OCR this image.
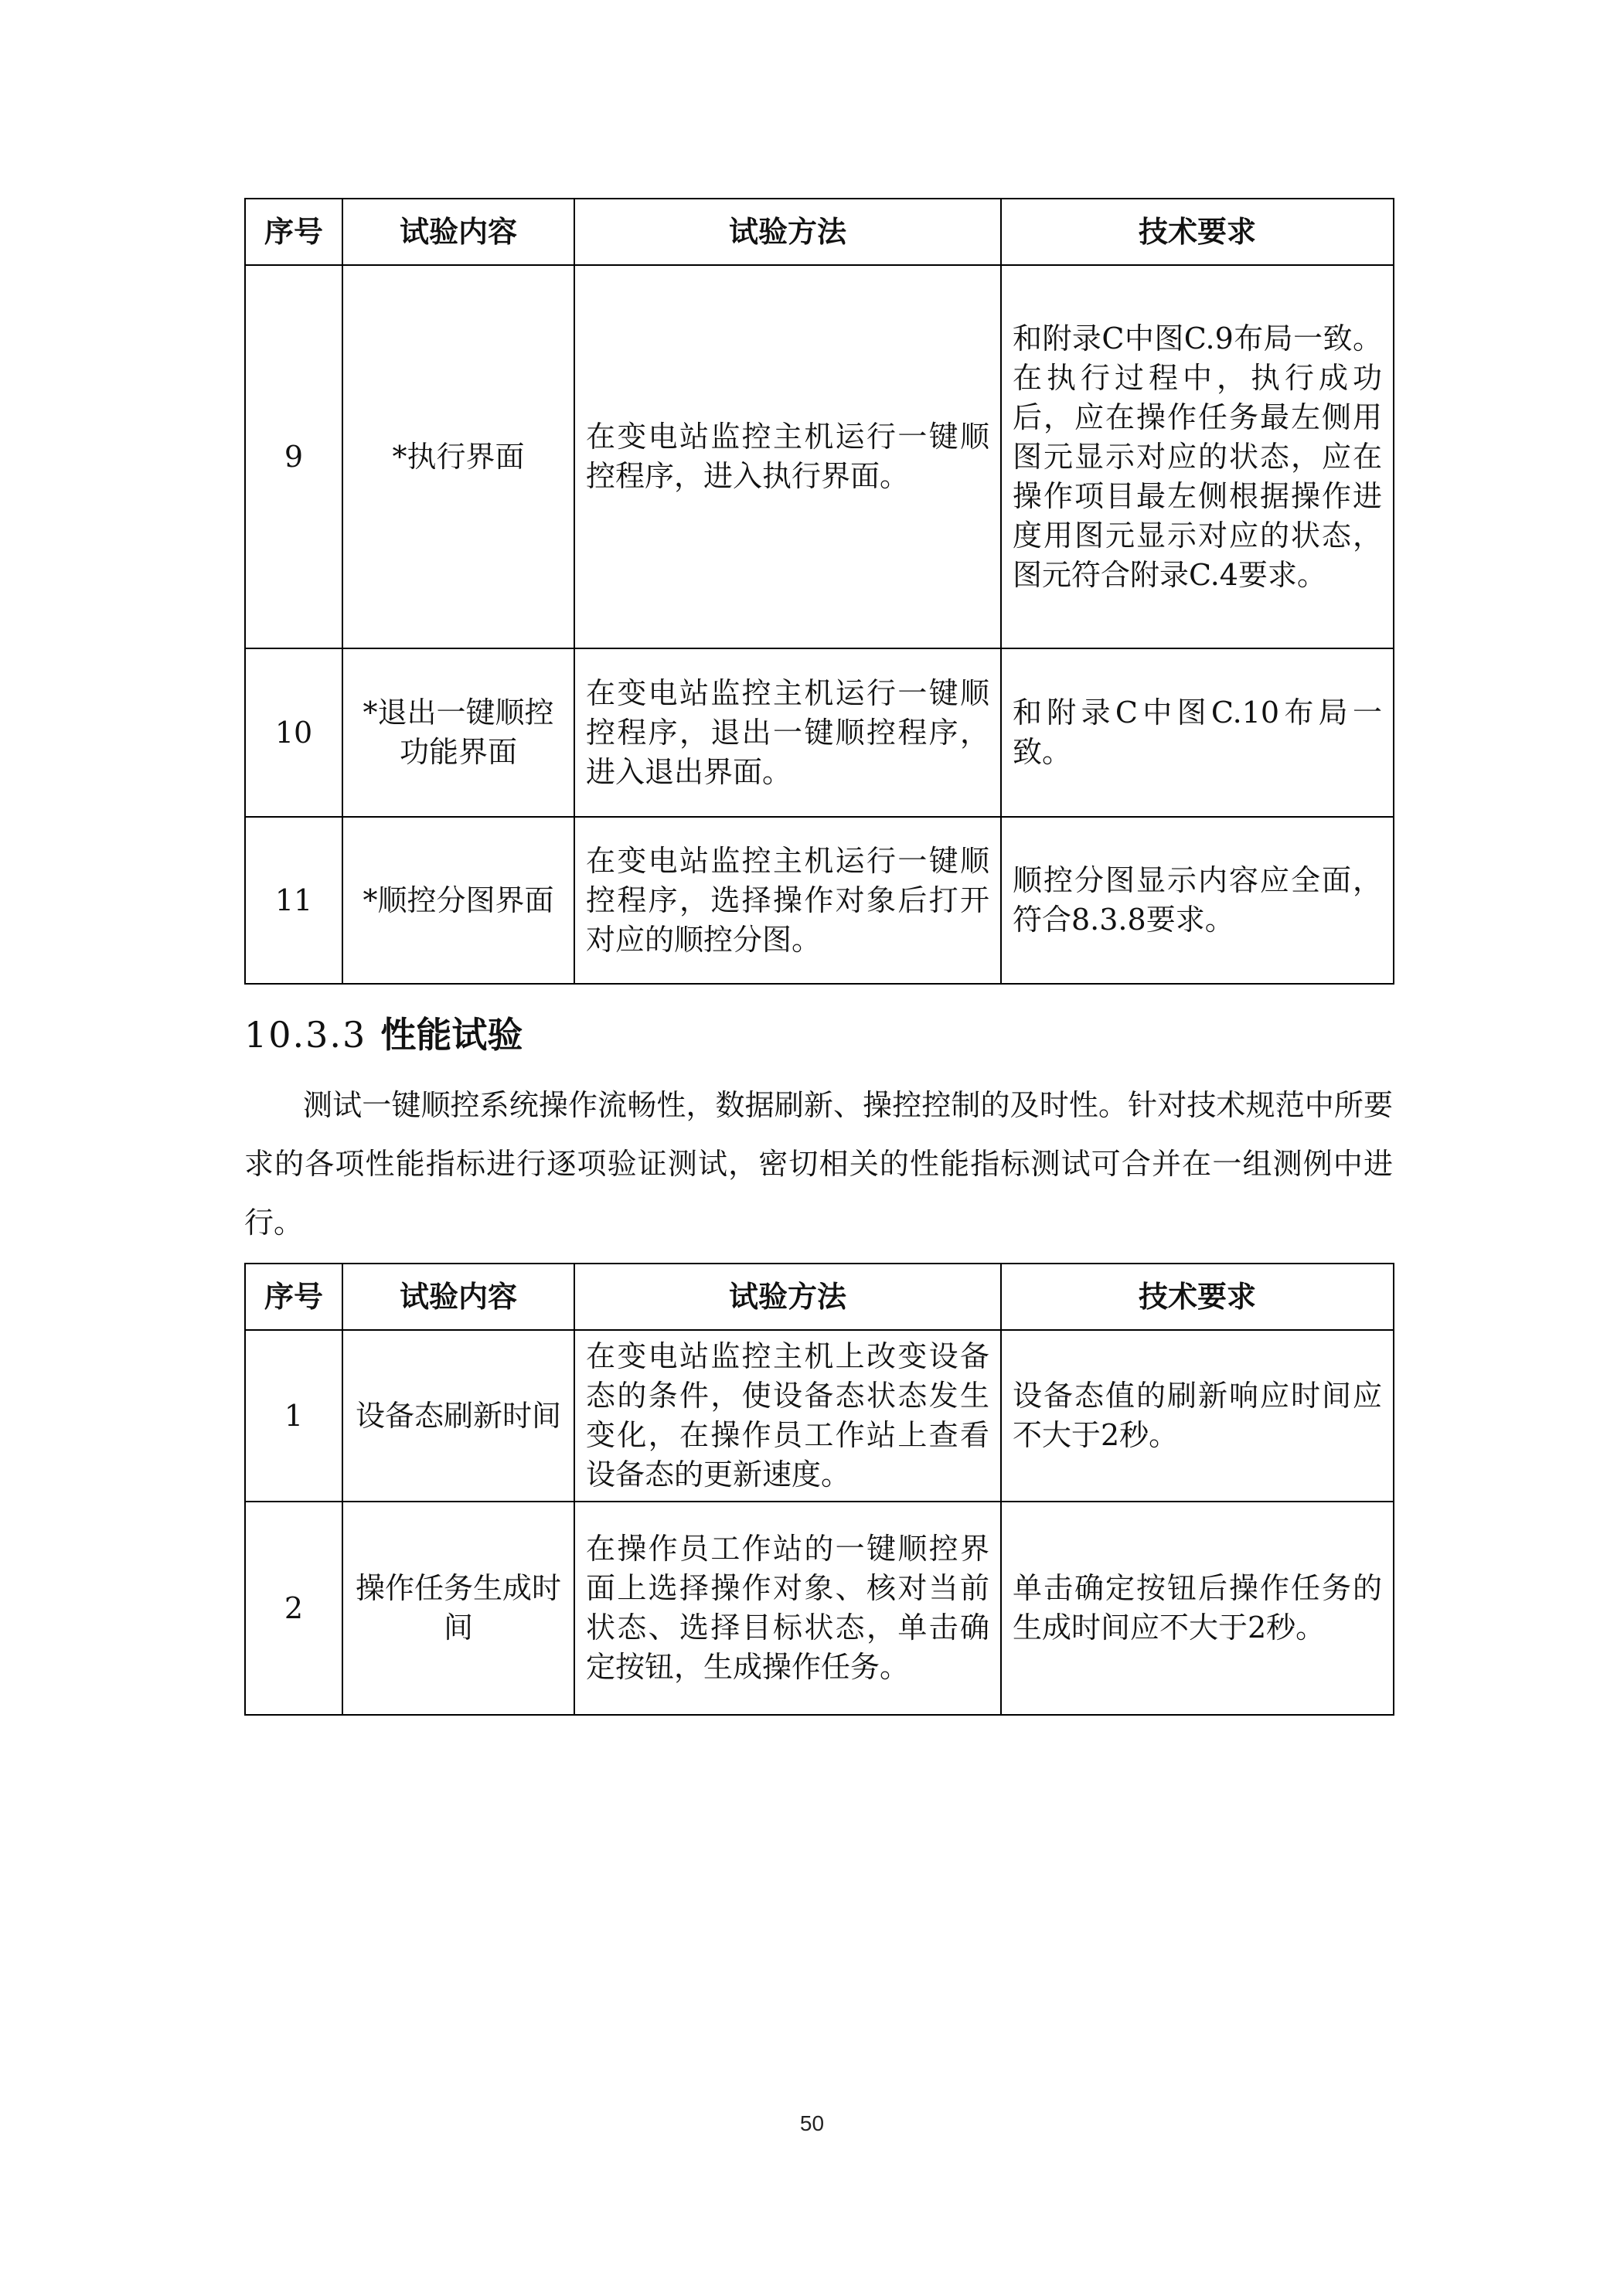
序号	试验内容	试验方法	技术要求
9	*执行界面	在变电站监控主机运行一键顺控程序，进入执行界面。	和附录C中图C.9布局一致。在执行过程中，执行成功后，应在操作任务最左侧用图元显示对应的状态，应在操作项目最左侧根据操作进度用图元显示对应的状态，图元符合附录C.4要求。
10	*退出一键顺控功能界面	在变电站监控主机运行一键顺控程序，退出一键顺控程序，进入退出界面。	和附录C中图C.10布局一致。
11	*顺控分图界面	在变电站监控主机运行一键顺控程序，选择操作对象后打开对应的顺控分图。	顺控分图显示内容应全面，符合8.3.8要求。
10.3.3 性能试验

测试一键顺控系统操作流畅性，数据刷新、操控控制的及时性。针对技术规范中所要求的各项性能指标进行逐项验证测试，密切相关的性能指标测试可合并在一组测例中进行。

序号	试验内容	试验方法	技术要求
1	设备态刷新时间	在变电站监控主机上改变设备态的条件，使设备态状态发生变化，在操作员工作站上查看设备态的更新速度。	设备态值的刷新响应时间应不大于2秒。
2	操作任务生成时间	在操作员工作站的一键顺控界面上选择操作对象、核对当前状态、选择目标状态，单击确定按钮，生成操作任务。	单击确定按钮后操作任务的生成时间应不大于2秒。
50
